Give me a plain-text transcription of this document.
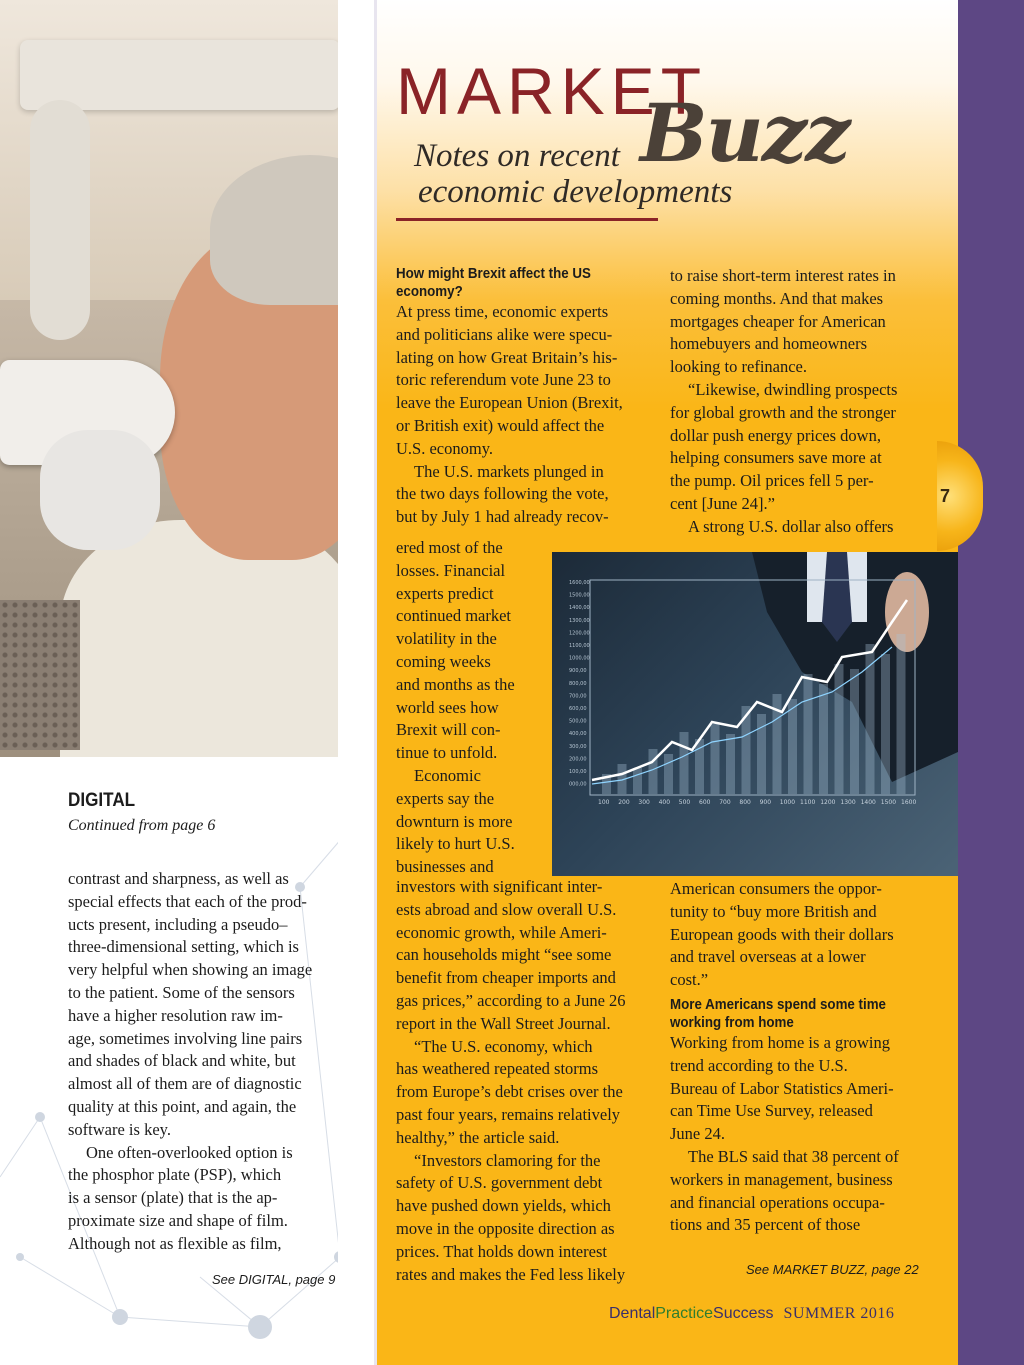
7
MARKET
Buzz
Notes on recent
economic developments
How might Brexit affect the US
economy?
At press time, economic experts
and politicians alike were specu-
lating on how Great Britain’s his-
toric referendum vote June 23 to
leave the European Union (Brexit,
or British exit) would affect the
U.S. economy.
The U.S. markets plunged in
the two days following the vote,
but by July 1 had already recov-
ered most of the
losses. Financial
experts predict
continued market
volatility in the
coming weeks
and months as the
world sees how
Brexit will con-
tinue to unfold.
Economic
experts say the
downturn is more
likely to hurt U.S.
businesses and
investors with significant inter-
ests abroad and slow overall U.S.
economic growth, while Ameri-
can households might “see some
benefit from cheaper imports and
gas prices,” according to a June 26
report in the Wall Street Journal.
“The U.S. economy, which
has weathered repeated storms
from Europe’s debt crises over the
past four years, remains relatively
healthy,” the article said.
“Investors clamoring for the
safety of U.S. government debt
have pushed down yields, which
move in the opposite direction as
prices. That holds down interest
rates and makes the Fed less likely
1600,00
1500,00
1400,00
1300,00
1200,00
1100,00
1000,00
900,00
800,00
700,00
600,00
500,00
400,00
300,00
200,00
100,00
000,00
100 200 300 400 500 600 700 800 900 1000 1100 1200 1300 1400 1500 1600
to raise short-term interest rates in
coming months. And that makes
mortgages cheaper for American
homebuyers and homeowners
looking to refinance.
“Likewise, dwindling prospects
for global growth and the stronger
dollar push energy prices down,
helping consumers save more at
the pump. Oil prices fell 5 per-
cent [June 24].”
A strong U.S. dollar also offers
American consumers the oppor-
tunity to “buy more British and
European goods with their dollars
and travel overseas at a lower
cost.”
More Americans spend some time
working from home
Working from home is a growing
trend according to the U.S.
Bureau of Labor Statistics Ameri-
can Time Use Survey, released
June 24.
The BLS said that 38 percent of
workers in management, business
and financial operations occupa-
tions and 35 percent of those
See MARKET BUZZ, page 22
DIGITAL
Continued from page 6
contrast and sharpness, as well as
special effects that each of the prod-
ucts present, including a pseudo–
three-dimensional setting, which is
very helpful when showing an image
to the patient. Some of the sensors
have a higher resolution raw im-
age, sometimes involving line pairs
and shades of black and white, but
almost all of them are of diagnostic
quality at this point, and again, the
software is key.
One often-overlooked option is
the phosphor plate (PSP), which
is a sensor (plate) that is the ap-
proximate size and shape of film.
Although not as flexible as film,
See DIGITAL, page 9
DentalPracticeSuccess SUMMER 2016
